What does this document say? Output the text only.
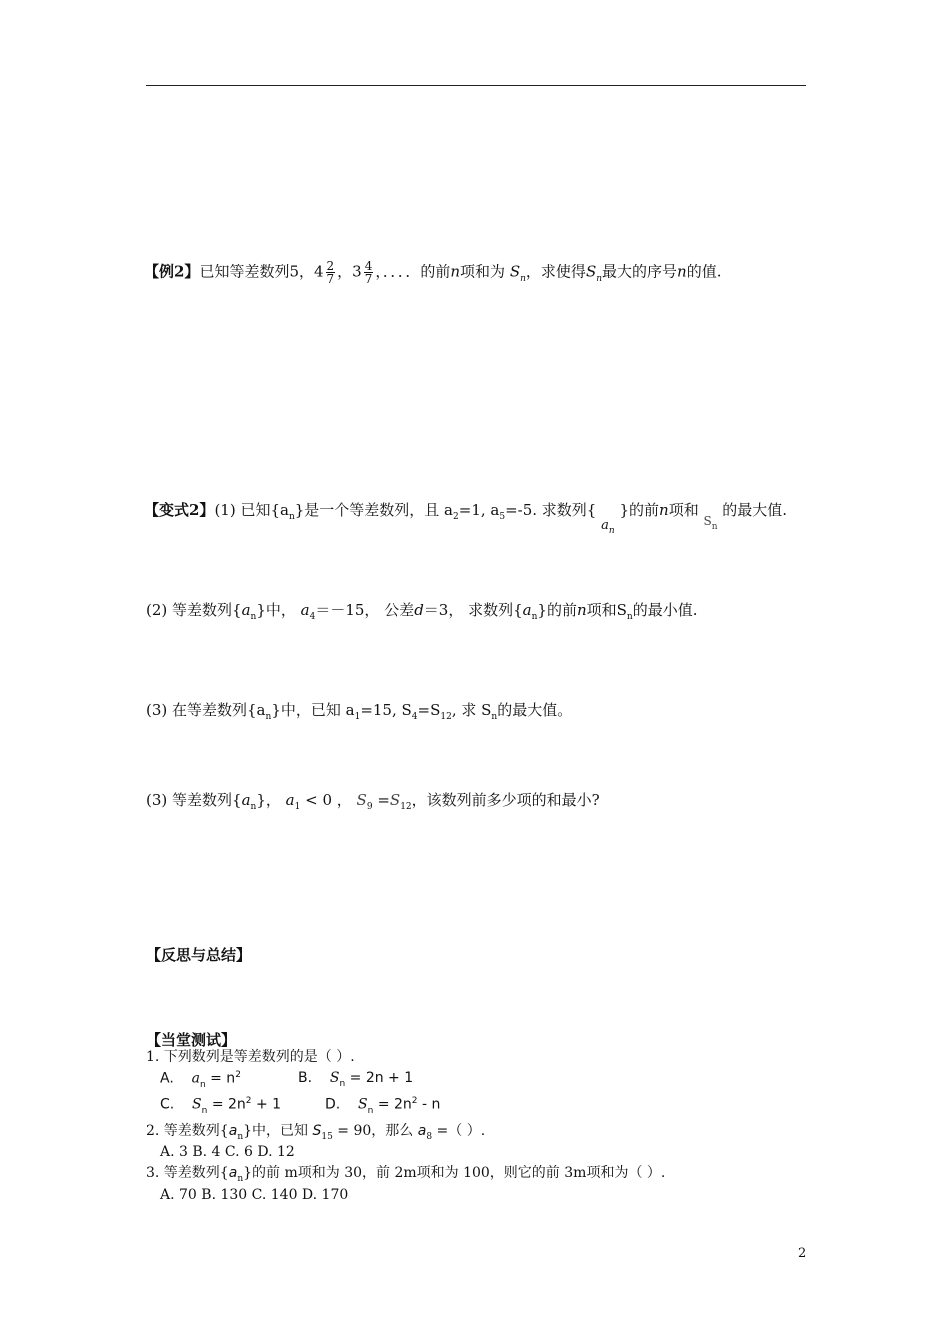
【例2】已知等差数列5，$4 \frac{2}{7}$ ，$3 \frac{4}{7}$ ，．．．．的前n项和为 $S_n$，求使得$S_n$最大的序号n的值.
【变式2】(1) 已知$\{a_n\}$是一个等差数列，且 $a_2=1$, $a_5=-5$. 求数列{ $a_n$ }的前n项和 $_{S_n}$ 的最大值.
(2) 等差数列$\{a_n\}$中， $a_4=-15$， 公差d＝3， 求数列$\{a_n\}$的前n项和$S_n$的最小值.
(3) 在等差数列$\{a_n\}$中，已知 $a_1=15$, $S_4=S_{12}$, 求 $S_n$的最大值。
(3) 等差数列$\{a_n\}$， $a_1 < 0$ ， $S_9 =S_{12}$，该数列前多少项的和最小?
【反思与总结】
【当堂测试】
1. 下列数列是等差数列的是（ ）.
A. $a_n = n^2$	B. $S_n = 2n + 1$
C. $S_n = 2n^2 + 1$	D. $S_n = 2n^2 - n$
2. 等差数列$\{a_n\}$中，已知 $S_{15} = 90$，那么 $a_8$ =（ ）.
A. 3 B. 4 C. 6 D. 12
3. 等差数列$\{a_n\}$的前 m项和为 30，前 2m项和为 100，则它的前 3m项和为（ ）.
A. 70 B. 130 C. 140 D. 170
2
